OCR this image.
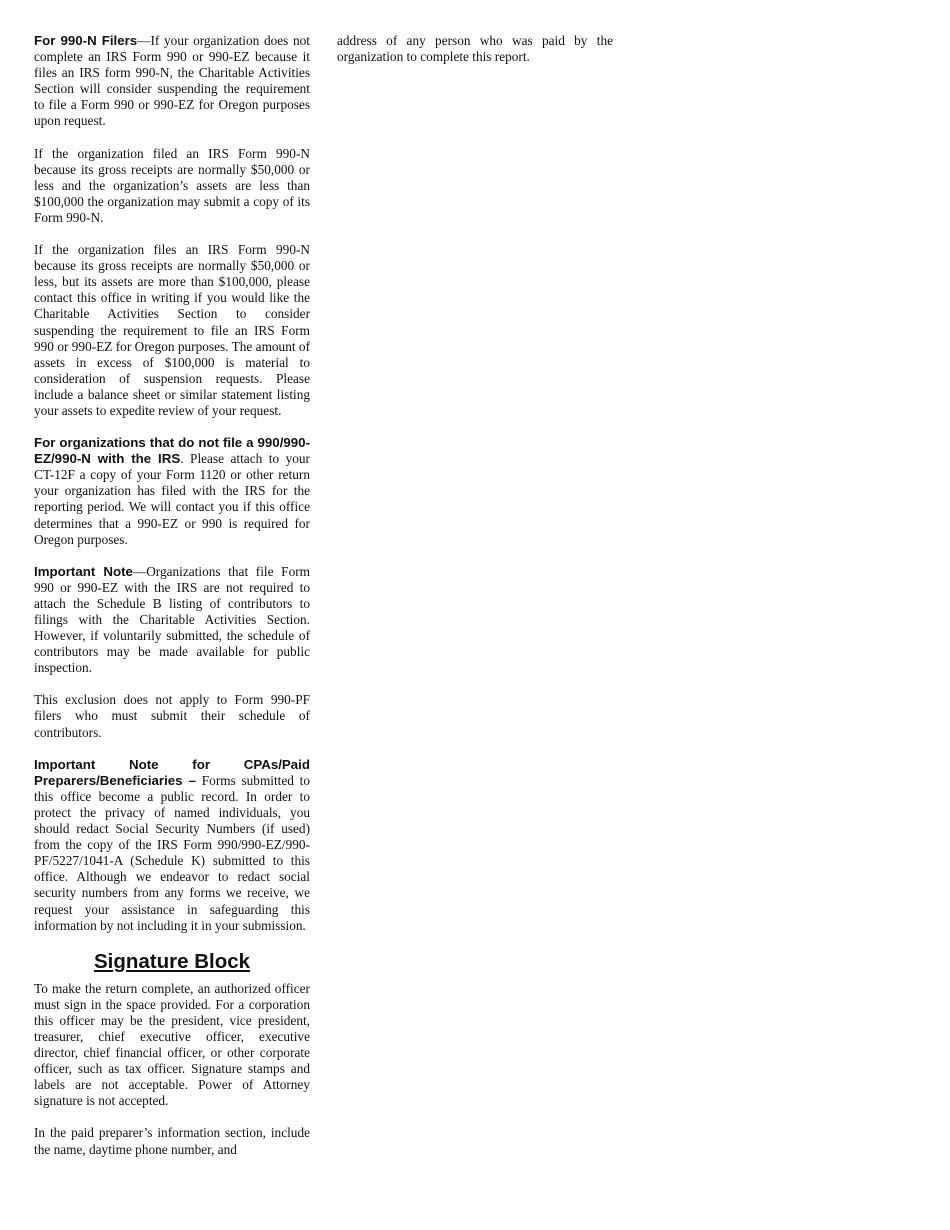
For 990-N Filers—If your organization does not complete an IRS Form 990 or 990-EZ because it files an IRS form 990-N, the Charitable Activities Section will consider suspending the requirement to file a Form 990 or 990-EZ for Oregon purposes upon request.

If the organization filed an IRS Form 990-N because its gross receipts are normally $50,000 or less and the organization’s assets are less than $100,000 the organization may submit a copy of its Form 990-N.

If the organization files an IRS Form 990-N because its gross receipts are normally $50,000 or less, but its assets are more than $100,000, please contact this office in writing if you would like the Charitable Activities Section to consider suspending the requirement to file an IRS Form 990 or 990-EZ for Oregon purposes. The amount of assets in excess of $100,000 is material to consideration of suspension requests. Please include a balance sheet or similar statement listing your assets to expedite review of your request.

For organizations that do not file a 990/990-EZ/990-N with the IRS. Please attach to your CT-12F a copy of your Form 1120 or other return your organization has filed with the IRS for the reporting period. We will contact you if this office determines that a 990-EZ or 990 is required for Oregon purposes.

Important Note—Organizations that file Form 990 or 990-EZ with the IRS are not required to attach the Schedule B listing of contributors to filings with the Charitable Activities Section. However, if voluntarily submitted, the schedule of contributors may be made available for public inspection.

This exclusion does not apply to Form 990-PF filers who must submit their schedule of contributors.

Important Note for CPAs/Paid Preparers/Beneficiaries – Forms submitted to this office become a public record. In order to protect the privacy of named individuals, you should redact Social Security Numbers (if used) from the copy of the IRS Form 990/990-EZ/990-PF/5227/1041-A (Schedule K) submitted to this office. Although we endeavor to redact social security numbers from any forms we receive, we request your assistance in safeguarding this information by not including it in your submission.

Signature Block

To make the return complete, an authorized officer must sign in the space provided. For a corporation this officer may be the president, vice president, treasurer, chief executive officer, executive director, chief financial officer, or other corporate officer, such as tax officer. Signature stamps and labels are not acceptable. Power of Attorney signature is not accepted.

In the paid preparer’s information section, include the name, daytime phone number, and

address of any person who was paid by the organization to complete this report.
